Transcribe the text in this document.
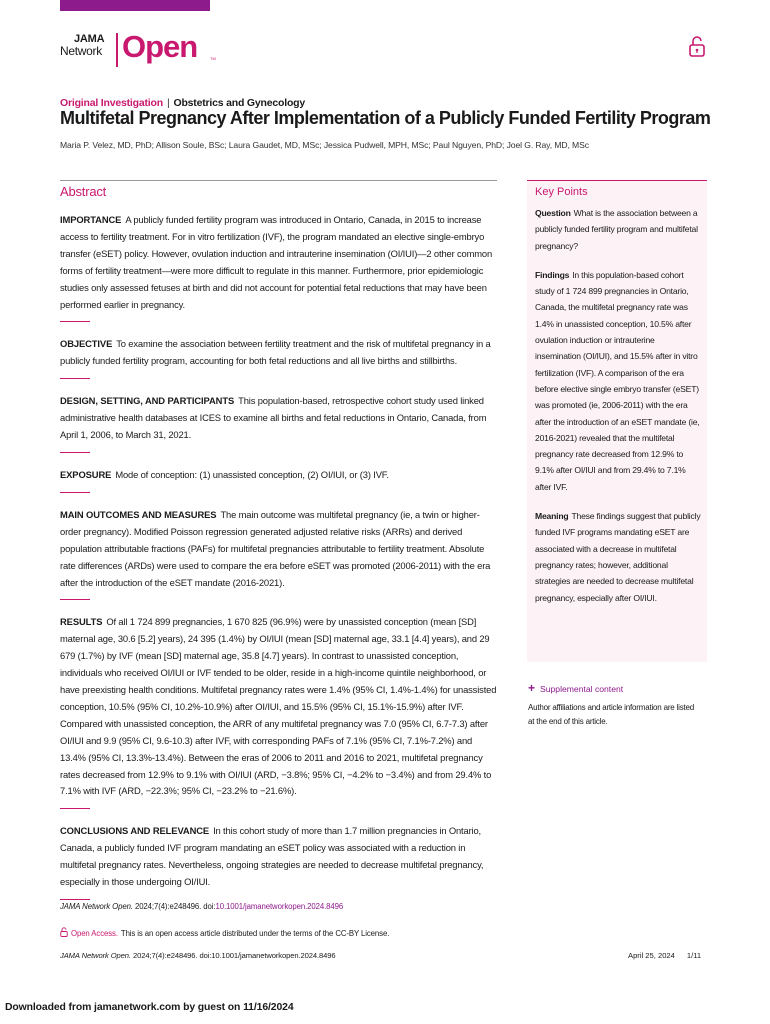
JAMA
Network Open	TM
Original Investigation | Obstetrics and Gynecology
Multifetal Pregnancy After Implementation of a Publicly Funded Fertility Program
Maria P. Velez, MD, PhD; Allison Soule, BSc; Laura Gaudet, MD, MSc; Jessica Pudwell, MPH, MSc; Paul Nguyen, PhD; Joel G. Ray, MD, MSc
Abstract

IMPORTANCE A publicly funded fertility program was introduced in Ontario, Canada, in 2015 to increase access to fertility treatment. For in vitro fertilization (IVF), the program mandated an elective single-embryo transfer (eSET) policy. However, ovulation induction and intrauterine insemination (OI/IUI)—2 other common forms of fertility treatment—were more difficult to regulate in this manner. Furthermore, prior epidemiologic studies only assessed fetuses at birth and did not account for potential fetal reductions that may have been performed earlier in pregnancy.

OBJECTIVE To examine the association between fertility treatment and the risk of multifetal pregnancy in a publicly funded fertility program, accounting for both fetal reductions and all live births and stillbirths.

DESIGN, SETTING, AND PARTICIPANTS This population-based, retrospective cohort study used linked administrative health databases at ICES to examine all births and fetal reductions in Ontario, Canada, from April 1, 2006, to March 31, 2021.

EXPOSURE Mode of conception: (1) unassisted conception, (2) OI/IUI, or (3) IVF.

MAIN OUTCOMES AND MEASURES The main outcome was multifetal pregnancy (ie, a twin or higher-order pregnancy). Modified Poisson regression generated adjusted relative risks (ARRs) and derived population attributable fractions (PAFs) for multifetal pregnancies attributable to fertility treatment. Absolute rate differences (ARDs) were used to compare the era before eSET was promoted (2006-2011) with the era after the introduction of the eSET mandate (2016-2021).

RESULTS Of all 1 724 899 pregnancies, 1 670 825 (96.9%) were by unassisted conception (mean [SD] maternal age, 30.6 [5.2] years), 24 395 (1.4%) by OI/IUI (mean [SD] maternal age, 33.1 [4.4] years), and 29 679 (1.7%) by IVF (mean [SD] maternal age, 35.8 [4.7] years). In contrast to unassisted conception, individuals who received OI/IUI or IVF tended to be older, reside in a high-income quintile neighborhood, or have preexisting health conditions. Multifetal pregnancy rates were 1.4% (95% CI, 1.4%-1.4%) for unassisted conception, 10.5% (95% CI, 10.2%-10.9%) after OI/IUI, and 15.5% (95% CI, 15.1%-15.9%) after IVF. Compared with unassisted conception, the ARR of any multifetal pregnancy was 7.0 (95% CI, 6.7-7.3) after OI/IUI and 9.9 (95% CI, 9.6-10.3) after IVF, with corresponding PAFs of 7.1% (95% CI, 7.1%-7.2%) and 13.4% (95% CI, 13.3%-13.4%). Between the eras of 2006 to 2011 and 2016 to 2021, multifetal pregnancy rates decreased from 12.9% to 9.1% with OI/IUI (ARD, −3.8%; 95% CI, −4.2% to −3.4%) and from 29.4% to 7.1% with IVF (ARD, −22.3%; 95% CI, −23.2% to −21.6%).

CONCLUSIONS AND RELEVANCE In this cohort study of more than 1.7 million pregnancies in Ontario, Canada, a publicly funded IVF program mandating an eSET policy was associated with a reduction in multifetal pregnancy rates. Nevertheless, ongoing strategies are needed to decrease multifetal pregnancy, especially in those undergoing OI/IUI.

Key Points

Question What is the association between a publicly funded fertility program and multifetal pregnancy?

Findings In this population-based cohort study of 1 724 899 pregnancies in Ontario, Canada, the multifetal pregnancy rate was 1.4% in unassisted conception, 10.5% after ovulation induction or intrauterine insemination (OI/IUI), and 15.5% after in vitro fertilization (IVF). A comparison of the era before elective single embryo transfer (eSET) was promoted (ie, 2006-2011) with the era after the introduction of an eSET mandate (ie, 2016-2021) revealed that the multifetal pregnancy rate decreased from 12.9% to 9.1% after OI/IUI and from 29.4% to 7.1% after IVF.

Meaning These findings suggest that publicly funded IVF programs mandating eSET are associated with a decrease in multifetal pregnancy rates; however, additional strategies are needed to decrease multifetal pregnancy, especially after OI/IUI.

+ Supplemental content
Author affiliations and article information are listed at the end of this article.
JAMA Network Open. 2024;7(4):e248496. doi:10.1001/jamanetworkopen.2024.8496
Open Access. This is an open access article distributed under the terms of the CC-BY License.
JAMA Network Open. 2024;7(4):e248496. doi:10.1001/jamanetworkopen.2024.8496	April 25, 2024 1/11
Downloaded from jamanetwork.com by guest on 11/16/2024
